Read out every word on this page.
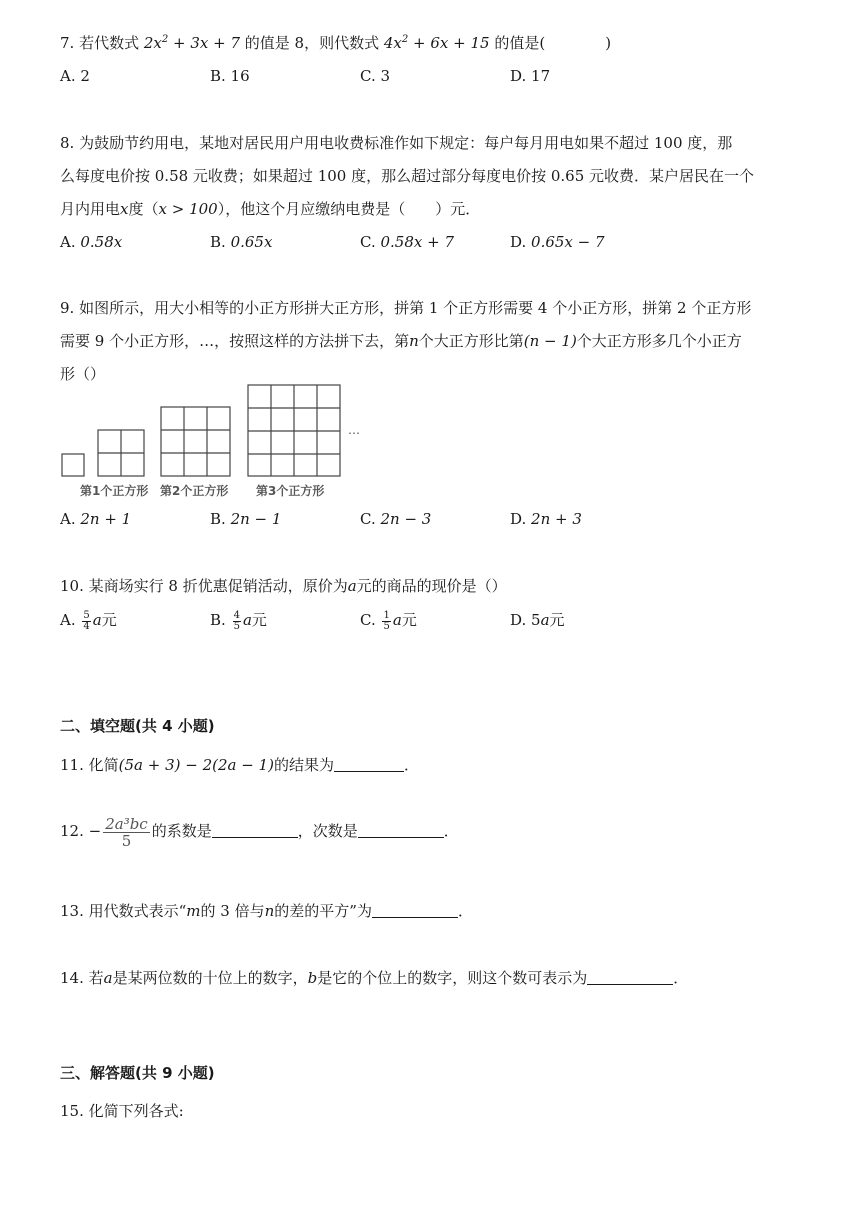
7. 若代数式 $2x^2 + 3x + 7$ 的值是 8，则代数式 $4x^2 + 6x + 15$ 的值是(　　　　)
A. 2	B. 16	C. 3	D. 17
8. 为鼓励节约用电，某地对居民用户用电收费标准作如下规定：每户每月用电如果不超过 100 度，那
么每度电价按 0.58 元收费；如果超过 100 度，那么超过部分每度电价按 0.65 元收费．某户居民在一个
月内用电x度（x > 100），他这个月应缴纳电费是（　　）元．
A. 0.58x	B. 0.65x	C. 0.58x + 7	D. 0.65x − 7
9. 如图所示，用大小相等的小正方形拼大正方形，拼第 1 个正方形需要 4 个小正方形，拼第 2 个正方形
需要 9 个小正方形，…，按照这样的方法拼下去，第n个大正方形比第(n − 1)个大正方形多几个小正方
形（）
…
第1个正方形 第2个正方形 第3个正方形
A. 2n + 1	B. 2n − 1	C. 2n − 3	D. 2n + 3
10. 某商场实行 8 折优惠促销活动，原价为a元的商品的现价是（）
A. $\frac{5}{4}$ a元	B. $\frac{4}{5}$ a元	C. $\frac{1}{5}$ a元	D. 5a元
二、填空题(共 4 小题)
11. 化简(5a + 3) − 2(2a − 1)的结果为	．
12. − $\frac{\text{2a³bc}}{5}$ 的系数是	，次数是	．
13. 用代数式表示“m的 3 倍与n的差的平方”为	．
14. 若a是某两位数的十位上的数字，b是它的个位上的数字，则这个数可表示为	．
三、解答题(共 9 小题)
15. 化简下列各式:
